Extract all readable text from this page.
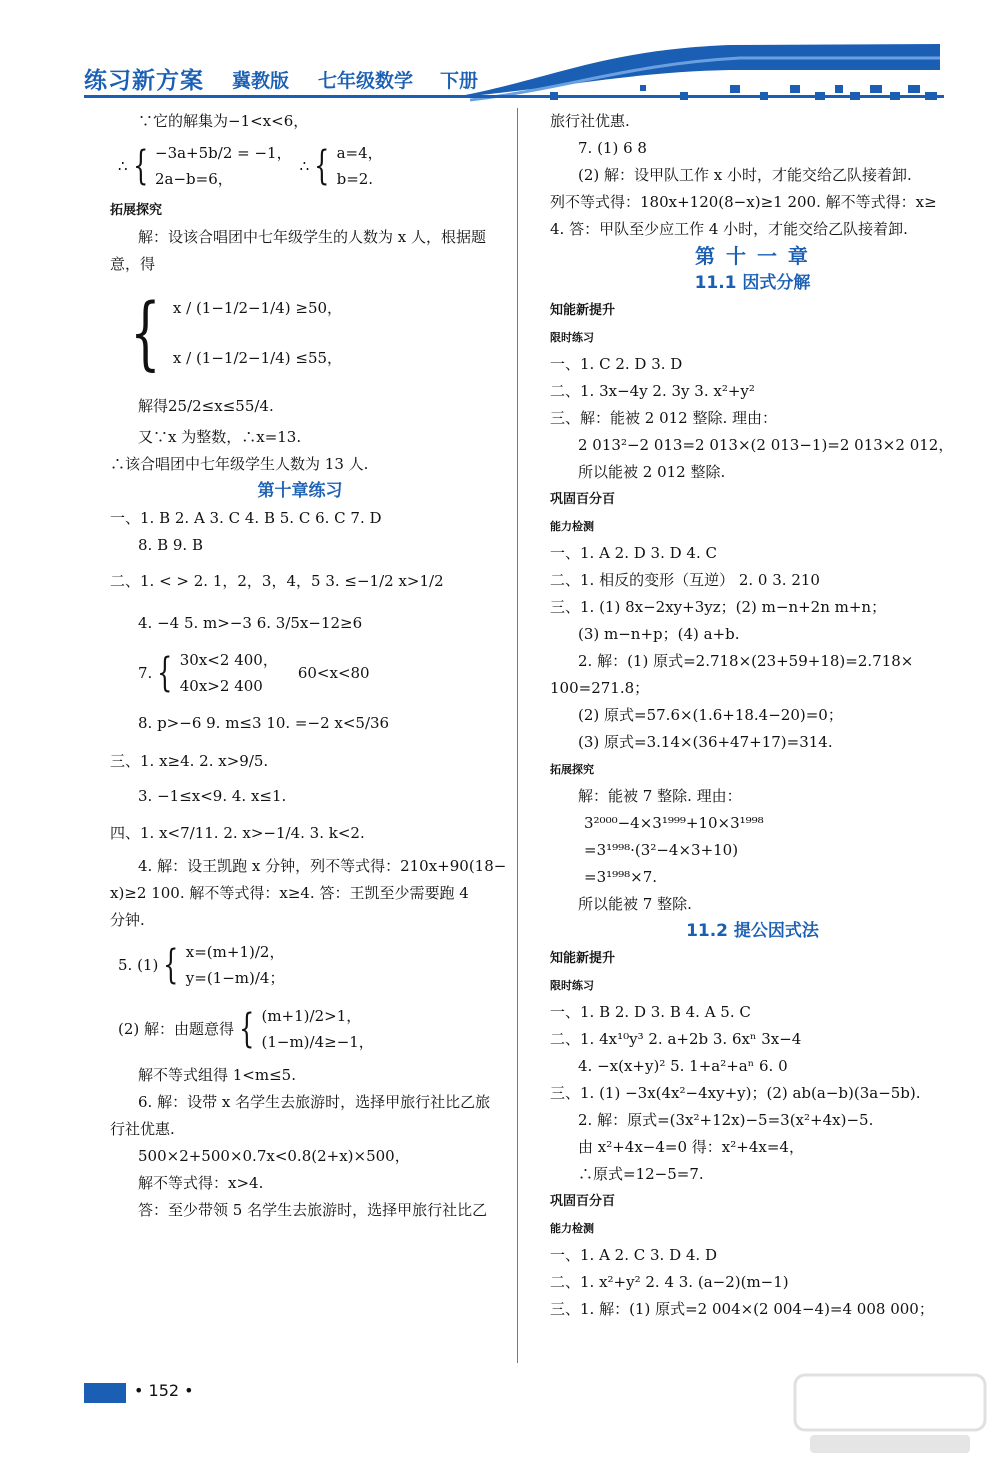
练习新方案 冀教版 七年级数学 下册
∵它的解集为−1<x<6，
∴ { −3a+5b/2 = −1，
2a−b=6，
∴ { a=4，
b=2.
拓展探究
解：设该合唱团中七年级学生的人数为 x 人，根据题
意，得
{ x / (1−1/2−1/4) ≥50，
x / (1−1/2−1/4) ≤55，
解得25/2≤x≤55/4.
又∵x 为整数，∴x=13.
∴该合唱团中七年级学生人数为 13 人.
第十章练习
一、1. B 2. A 3. C 4. B 5. C 6. C 7. D
8. B 9. B
二、1. < > 2. 1，2，3，4，5 3. ≤−1/2 x>1/2
4. −4 5. m>−3 6. 3/5x−12≥6
7. { 30x<2 400，
40x>2 400
60<x<80
8. p>−6 9. m≤3 10. =−2 x<5/36
三、1. x≥4. 2. x>9/5.
3. −1≤x<9. 4. x≤1.
四、1. x<7/11. 2. x>−1/4. 3. k<2.
4. 解：设王凯跑 x 分钟，列不等式得：210x+90(18−
x)≥2 100. 解不等式得：x≥4. 答：王凯至少需要跑 4
分钟.
5. (1) { x=(m+1)/2，
y=(1−m)/4；
(2) 解：由题意得 { (m+1)/2>1，
(1−m)/4≥−1，
解不等式组得 1<m≤5.
6. 解：设带 x 名学生去旅游时，选择甲旅行社比乙旅
行社优惠.
500×2+500×0.7x<0.8(2+x)×500，
解不等式得：x>4.
答：至少带领 5 名学生去旅游时，选择甲旅行社比乙
旅行社优惠.
7. (1) 6 8
(2) 解：设甲队工作 x 小时，才能交给乙队接着卸.
列不等式得：180x+120(8−x)≥1 200. 解不等式得：x≥
4. 答：甲队至少应工作 4 小时，才能交给乙队接着卸.
第 十 一 章
11.1 因式分解
知能新提升
限时练习
一、1. C 2. D 3. D
二、1. 3x−4y 2. 3y 3. x²+y²
三、解：能被 2 012 整除. 理由：
2 013²−2 013=2 013×(2 013−1)=2 013×2 012，
所以能被 2 012 整除.
巩固百分百
能力检测
一、1. A 2. D 3. D 4. C
二、1. 相反的变形（互逆） 2. 0 3. 210
三、1. (1) 8x−2xy+3yz；(2) m−n+2n m+n；
(3) m−n+p；(4) a+b.
2. 解：(1) 原式=2.718×(23+59+18)=2.718×
100=271.8；
(2) 原式=57.6×(1.6+18.4−20)=0；
(3) 原式=3.14×(36+47+17)=314.
拓展探究
解：能被 7 整除. 理由：
3²⁰⁰⁰−4×3¹⁹⁹⁹+10×3¹⁹⁹⁸
=3¹⁹⁹⁸·(3²−4×3+10)
=3¹⁹⁹⁸×7.
所以能被 7 整除.
11.2 提公因式法
知能新提升
限时练习
一、1. B 2. D 3. B 4. A 5. C
二、1. 4x¹⁰y³ 2. a+2b 3. 6xⁿ 3x−4
4. −x(x+y)² 5. 1+a²+aⁿ 6. 0
三、1. (1) −3x(4x²−4xy+y)；(2) ab(a−b)(3a−5b).
2. 解：原式=(3x²+12x)−5=3(x²+4x)−5.
由 x²+4x−4=0 得：x²+4x=4，
∴原式=12−5=7.
巩固百分百
能力检测
一、1. A 2. C 3. D 4. D
二、1. x²+y² 2. 4 3. (a−2)(m−1)
三、1. 解：(1) 原式=2 004×(2 004−4)=4 008 000；
• 152 •
